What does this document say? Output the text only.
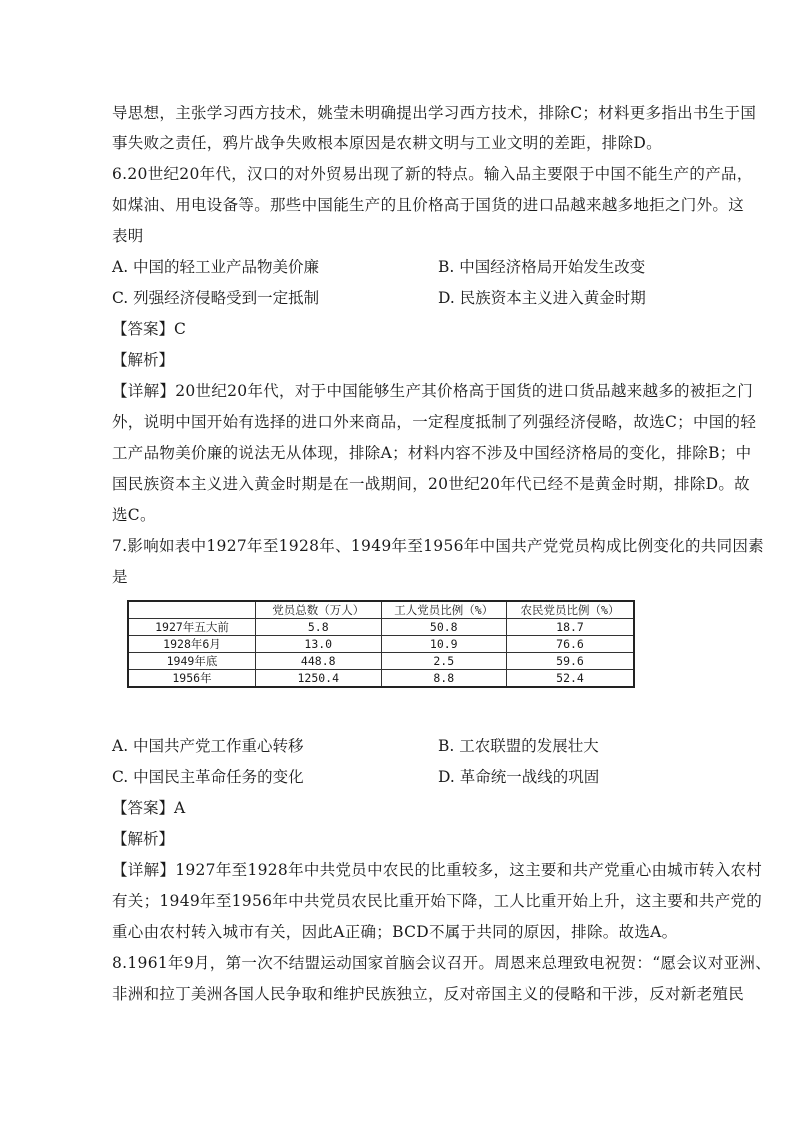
导思想，主张学习西方技术，姚莹未明确提出学习西方技术，排除C；材料更多指出书生于国
事失败之责任，鸦片战争失败根本原因是农耕文明与工业文明的差距，排除D。
6.20世纪20年代，汉口的对外贸易出现了新的特点。输入品主要限于中国不能生产的产品，
如煤油、用电设备等。那些中国能生产的且价格高于国货的进口品越来越多地拒之门外。这
表明
A. 中国的轻工业产品物美价廉	B. 中国经济格局开始发生改变
C. 列强经济侵略受到一定抵制	D. 民族资本主义进入黄金时期
【答案】C
【解析】
【详解】20世纪20年代，对于中国能够生产其价格高于国货的进口货品越来越多的被拒之门
外，说明中国开始有选择的进口外来商品，一定程度抵制了列强经济侵略，故选C；中国的轻
工产品物美价廉的说法无从体现，排除A；材料内容不涉及中国经济格局的变化，排除B；中
国民族资本主义进入黄金时期是在一战期间，20世纪20年代已经不是黄金时期，排除D。故
选C。
7.影响如表中1927年至1928年、1949年至1956年中国共产党党员构成比例变化的共同因素
是
	党员总数（万人）	工人党员比例（%）	农民党员比例（%）
1927年五大前	5.8	50.8	18.7
1928年6月	13.0	10.9	76.6
1949年底	448.8	2.5	59.6
1956年	1250.4	8.8	52.4
A. 中国共产党工作重心转移	B. 工农联盟的发展壮大
C. 中国民主革命任务的变化	D. 革命统一战线的巩固
【答案】A
【解析】
【详解】1927年至1928年中共党员中农民的比重较多，这主要和共产党重心由城市转入农村
有关；1949年至1956年中共党员农民比重开始下降，工人比重开始上升，这主要和共产党的
重心由农村转入城市有关，因此A正确；BCD不属于共同的原因，排除。故选A。
8.1961年9月，第一次不结盟运动国家首脑会议召开。周恩来总理致电祝贺：“愿会议对亚洲、
非洲和拉丁美洲各国人民争取和维护民族独立，反对帝国主义的侵略和干涉，反对新老殖民
